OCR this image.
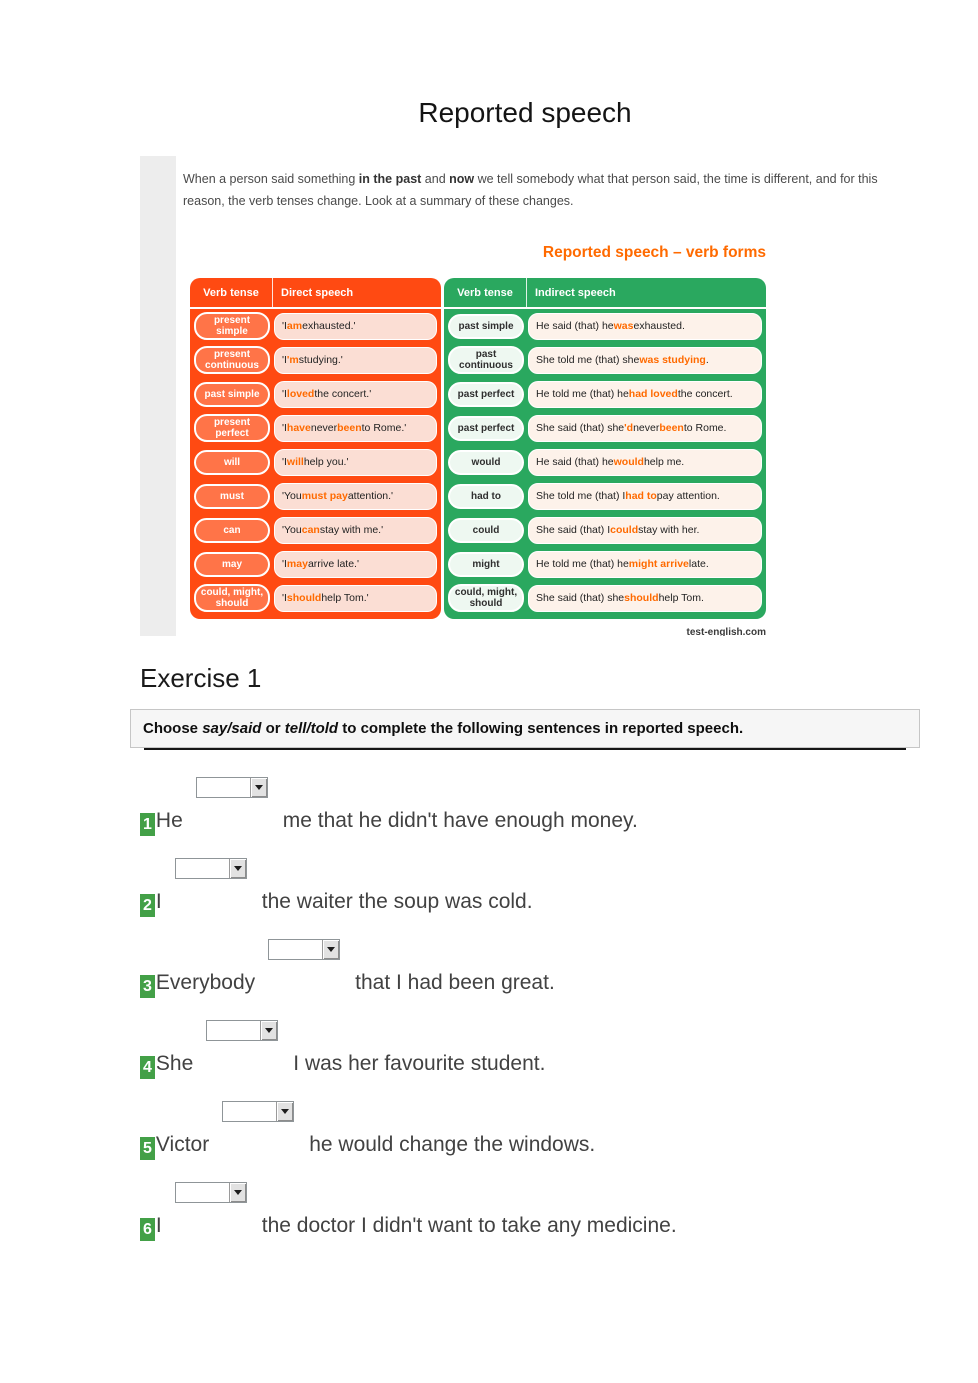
Reported speech

When a person said something in the past and now we tell somebody what that person said, the time is different, and for this reason, the verb tenses change. Look at a summary of these changes.

Reported speech – verb forms
Verb tense	Direct speech
present simple	'I am exhausted.'
present continuous	'I 'm studying.'
past simple	'I loved the concert.'
present perfect	'I have never been to Rome.'
will	'I will help you.'
must	'You must pay attention.'
can	'You can stay with me.'
may	'I may arrive late.'
could, might, should	'I should help Tom.'
Verb tense	Indirect speech
past simple	He said (that) he was exhausted.
past continuous	She told me (that) she was studying .
past perfect	He told me (that) he had loved the concert.
past perfect	She said (that) she 'd never been to Rome.
would	He said (that) he would help me.
had to	She told me (that) I had to pay attention.
could	She said (that) I could stay with her.
might	He told me (that) he might arrive late.
could, might, should	She said (that) she should help Tom.
test-english.com
Exercise 1

Choose say/said or tell/told to complete the following sentences in reported speech.

1 He	me that he didn't have enough money.
2 I	the waiter the soup was cold.
3 Everybody	that I had been great.
4 She	I was her favourite student.
5 Victor	he would change the windows.
6 I	the doctor I didn't want to take any medicine.
